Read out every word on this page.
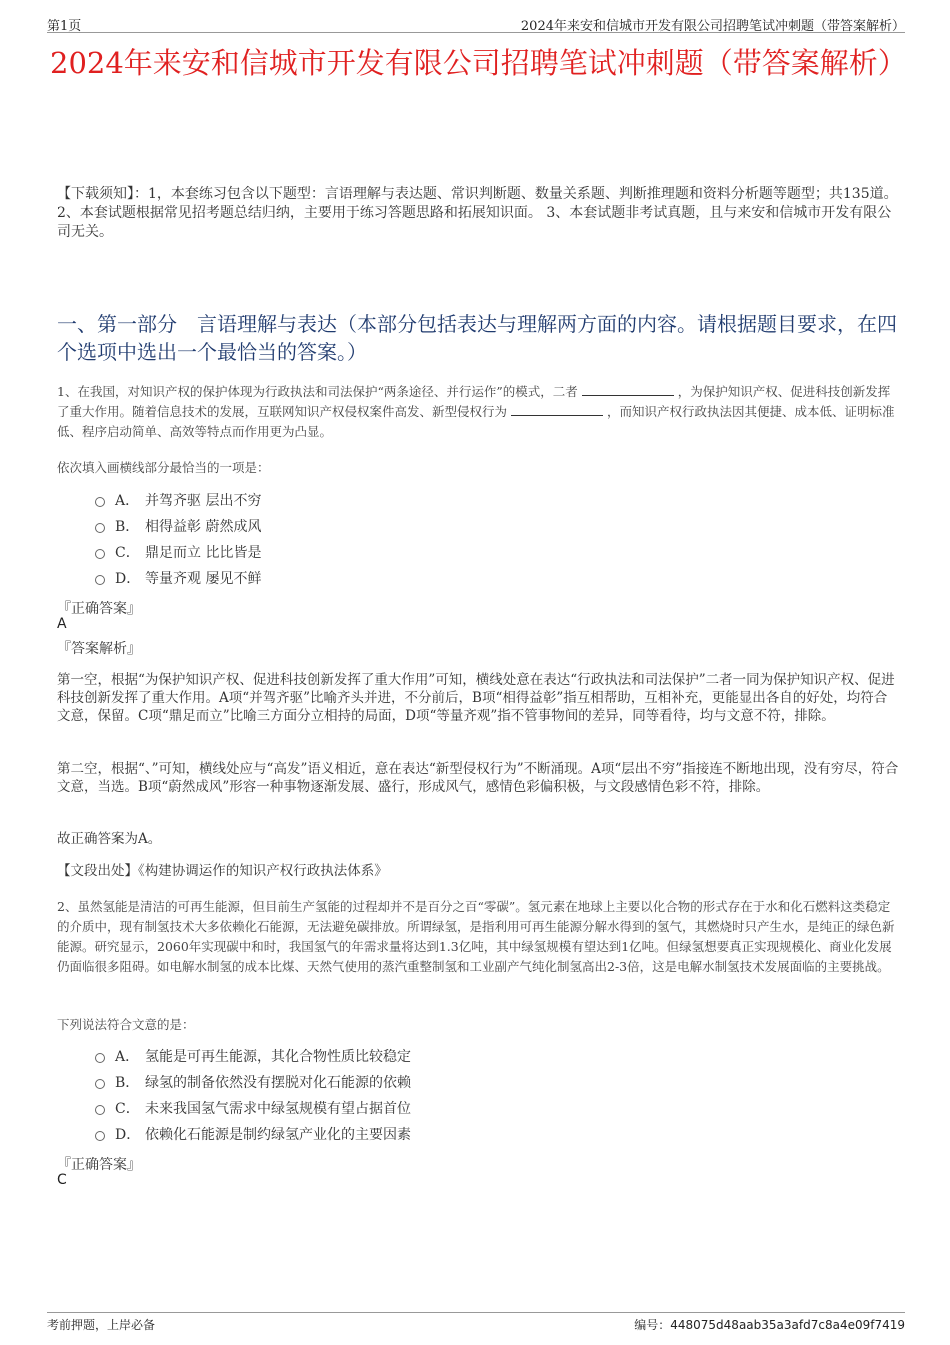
第1页	2024年来安和信城市开发有限公司招聘笔试冲刺题（带答案解析）
2024年来安和信城市开发有限公司招聘笔试冲刺题（带答案解析）

【下载须知】：1，本套练习包含以下题型：言语理解与表达题、常识判断题、数量关系题、判断推理题和资料分析题等题型；共135道。 2、本套试题根据常见招考题总结归纳，主要用于练习答题思路和拓展知识面。 3、本套试题非考试真题，且与来安和信城市开发有限公司无关。

一、第一部分　言语理解与表达（本部分包括表达与理解两方面的内容。请根据题目要求，在四个选项中选出一个最恰当的答案。）

1、在我国，对知识产权的保护体现为行政执法和司法保护“两条途径、并行运作”的模式，二者	，为保护知识产权、促进科技创新发挥了重大作用。随着信息技术的发展，互联网知识产权侵权案件高发、新型侵权行为	，而知识产权行政执法因其便捷、成本低、证明标准低、程序启动简单、高效等特点而作用更为凸显。

依次填入画横线部分最恰当的一项是：

A． 并驾齐驱 层出不穷
B． 相得益彰 蔚然成风
C． 鼎足而立 比比皆是
D． 等量齐观 屡见不鲜

『正确答案』

A

『答案解析』

第一空，根据“为保护知识产权、促进科技创新发挥了重大作用”可知，横线处意在表达“行政执法和司法保护”二者一同为保护知识产权、促进科技创新发挥了重大作用。A项“并驾齐驱”比喻齐头并进，不分前后，B项“相得益彰”指互相帮助，互相补充，更能显出各自的好处，均符合文意，保留。C项“鼎足而立”比喻三方面分立相持的局面，D项“等量齐观”指不管事物间的差异，同等看待，均与文意不符，排除。

第二空，根据“、”可知，横线处应与“高发”语义相近，意在表达“新型侵权行为”不断涌现。A项“层出不穷”指接连不断地出现，没有穷尽，符合文意，当选。B项“蔚然成风”形容一种事物逐渐发展、盛行，形成风气，感情色彩偏积极，与文段感情色彩不符，排除。

故正确答案为A。

【文段出处】《构建协调运作的知识产权行政执法体系》

2、虽然氢能是清洁的可再生能源，但目前生产氢能的过程却并不是百分之百“零碳”。氢元素在地球上主要以化合物的形式存在于水和化石燃料这类稳定的介质中，现有制氢技术大多依赖化石能源，无法避免碳排放。所谓绿氢，是指利用可再生能源分解水得到的氢气，其燃烧时只产生水，是纯正的绿色新能源。研究显示，2060年实现碳中和时，我国氢气的年需求量将达到1.3亿吨，其中绿氢规模有望达到1亿吨。但绿氢想要真正实现规模化、商业化发展仍面临很多阻碍。如电解水制氢的成本比煤、天然气使用的蒸汽重整制氢和工业副产气纯化制氢高出2-3倍，这是电解水制氢技术发展面临的主要挑战。

下列说法符合文意的是：

A． 氢能是可再生能源，其化合物性质比较稳定
B． 绿氢的制备依然没有摆脱对化石能源的依赖
C． 未来我国氢气需求中绿氢规模有望占据首位
D． 依赖化石能源是制约绿氢产业化的主要因素

『正确答案』

C

考前押题，上岸必备	编号：448075d48aab35a3afd7c8a4e09f7419
